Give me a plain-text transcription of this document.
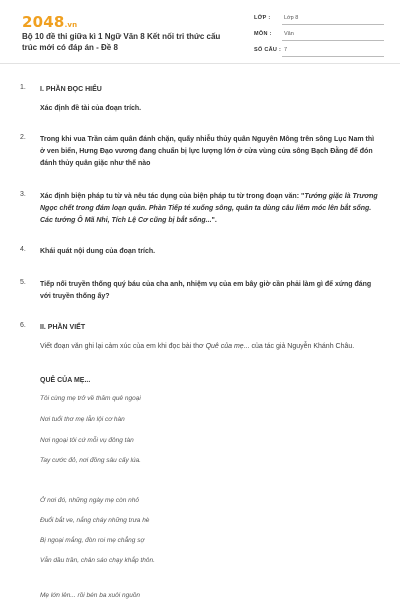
2048.vn
Bộ 10 đề thi giữa kì 1 Ngữ Văn 8 Kết nối tri thức cấu trúc mới có đáp án - Đề 8
LỚP : Lớp 8
MÔN : Văn
SỐ CÂU : 7
1. I. PHẦN ĐỌC HIỂU
Xác định đề tài của đoạn trích.
2. Trong khi vua Trần cảm quân đánh chặn, quấy nhiễu thủy quân Nguyên Mông trên sông Lục Nam thì ở ven biển, Hưng Đạo vương đang chuẩn bị lực lượng lớn ở cửa vùng cửa sông Bạch Đằng để đón đánh thủy quân giặc như thế nào
3. Xác định biện pháp tu từ và nêu tác dụng của biện pháp tu từ trong đoạn văn: "Tướng giặc là Trương Ngọc chết trong đám loạn quân. Phàn Tiếp té xuống sông, quân ta dùng câu liêm móc lên bắt sống. Các tướng Ô Mã Nhi, Tích Lệ Cơ cũng bị bắt sống...".
4. Khái quát nội dung của đoạn trích.
5. Tiếp nối truyền thống quý báu của cha anh, nhiệm vụ của em bây giờ cần phải làm gì để xứng đáng với truyền thống ấy?
6. II. PHẦN VIẾT
Viết đoạn văn ghi lại cảm xúc của em khi đọc bài thơ Quê của mẹ... của tác giả Nguyễn Khánh Châu.
QUÊ CỦA MẸ...
Tôi cùng mẹ trở về thăm quê ngoại
Nơi tuổi thơ mẹ lẫn lội cơ hàn
Nơi ngoại tôi cứ mỗi vụ đông tàn
Tay cước đỏ, nơi đồng sâu cấy lúa.
Ở nơi đó, những ngày mẹ còn nhỏ
Đuổi bắt ve, nắng cháy những trưa hè
Bị ngoại mắng, đòn roi mẹ chẳng sợ
Vẫn dầu trần, chân sáo chạy khắp thôn.
Mẹ lớn lên... rồi bén ba xuôi nguồn
